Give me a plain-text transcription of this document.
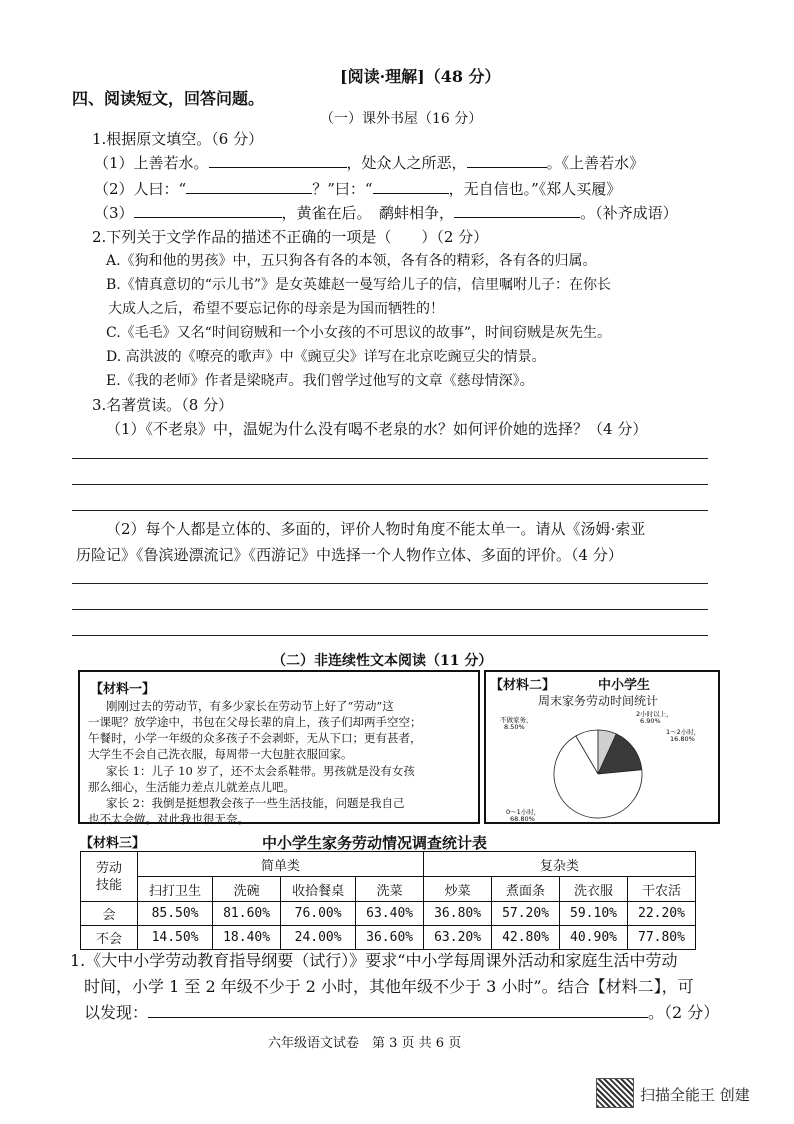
[阅读·理解]（48 分）
四、阅读短文，回答问题。
（一）课外书屋（16 分）
1.根据原文填空。（6 分）
（1）上善若水。	，处众人之所恶，	。《上善若水》
（2）人曰：“	？”曰：“	，无自信也。”《郑人买履》
（3）	，黄雀在后。　鹬蚌相争，	。（补齐成语）
2.下列关于文学作品的描述不正确的一项是（　　）（2 分）
A.《狗和他的男孩》中，五只狗各有各的本领，各有各的精彩，各有各的归属。
B.《情真意切的“示儿书”》是女英雄赵一曼写给儿子的信，信里嘱咐儿子：在你长
大成人之后，希望不要忘记你的母亲是为国而牺牲的！
C.《毛毛》又名“时间窃贼和一个小女孩的不可思议的故事”，时间窃贼是灰先生。
D. 高洪波的《嘹亮的歌声》中《豌豆尖》详写在北京吃豌豆尖的情景。
E.《我的老师》作者是梁晓声。我们曾学过他写的文章《慈母情深》。
3.名著赏读。（8 分）
（1）《不老泉》中，温妮为什么没有喝不老泉的水？如何评价她的选择？（4 分）
（2）每个人都是立体的、多面的，评价人物时角度不能太单一。请从《汤姆·索亚
历险记》《鲁滨逊漂流记》《西游记》中选择一个人物作立体、多面的评价。（4 分）
（二）非连续性文本阅读（11 分）
【材料一】
刚刚过去的劳动节，有多少家长在劳动节上好了“劳动”这
一课呢？放学途中，书包在父母长辈的肩上，孩子们却两手空空；
午餐时，小学一年级的众多孩子不会剥虾，无从下口；更有甚者，
大学生不会自己洗衣服，每周带一大包脏衣服回家。
家长 1：儿子 10 岁了，还不太会系鞋带。男孩就是没有女孩
那么细心，生活能力差点儿就差点儿吧。
家长 2：我倒是挺想教会孩子一些生活技能，问题是我自己
也不太会做。对此我也很无奈。
【材料二】	中小学生
周末家务劳动时间统计
不做家务，
8.50%
2小时以上，
6.90%
1～2小时，
16.80%
0～1小时，
68.80%
【材料三】	中小学生家务劳动情况调查统计表
劳动
技能	简单类				复杂类			
	扫打卫生	洗碗	收拾餐桌	洗菜	炒菜	煮面条	洗衣服	干农活
会	85.50%	81.60%	76.00%	63.40%	36.80%	57.20%	59.10%	22.20%
不会	14.50%	18.40%	24.00%	36.60%	63.20%	42.80%	40.90%	77.80%
1.《大中小学劳动教育指导纲要（试行）》要求“中小学每周课外活动和家庭生活中劳动
时间，小学 1 至 2 年级不少于 2 小时，其他年级不少于 3 小时”。结合【材料二】，可
以发现：	。（2 分）
六年级语文试卷　第 3 页 共 6 页
扫描全能王 创建
